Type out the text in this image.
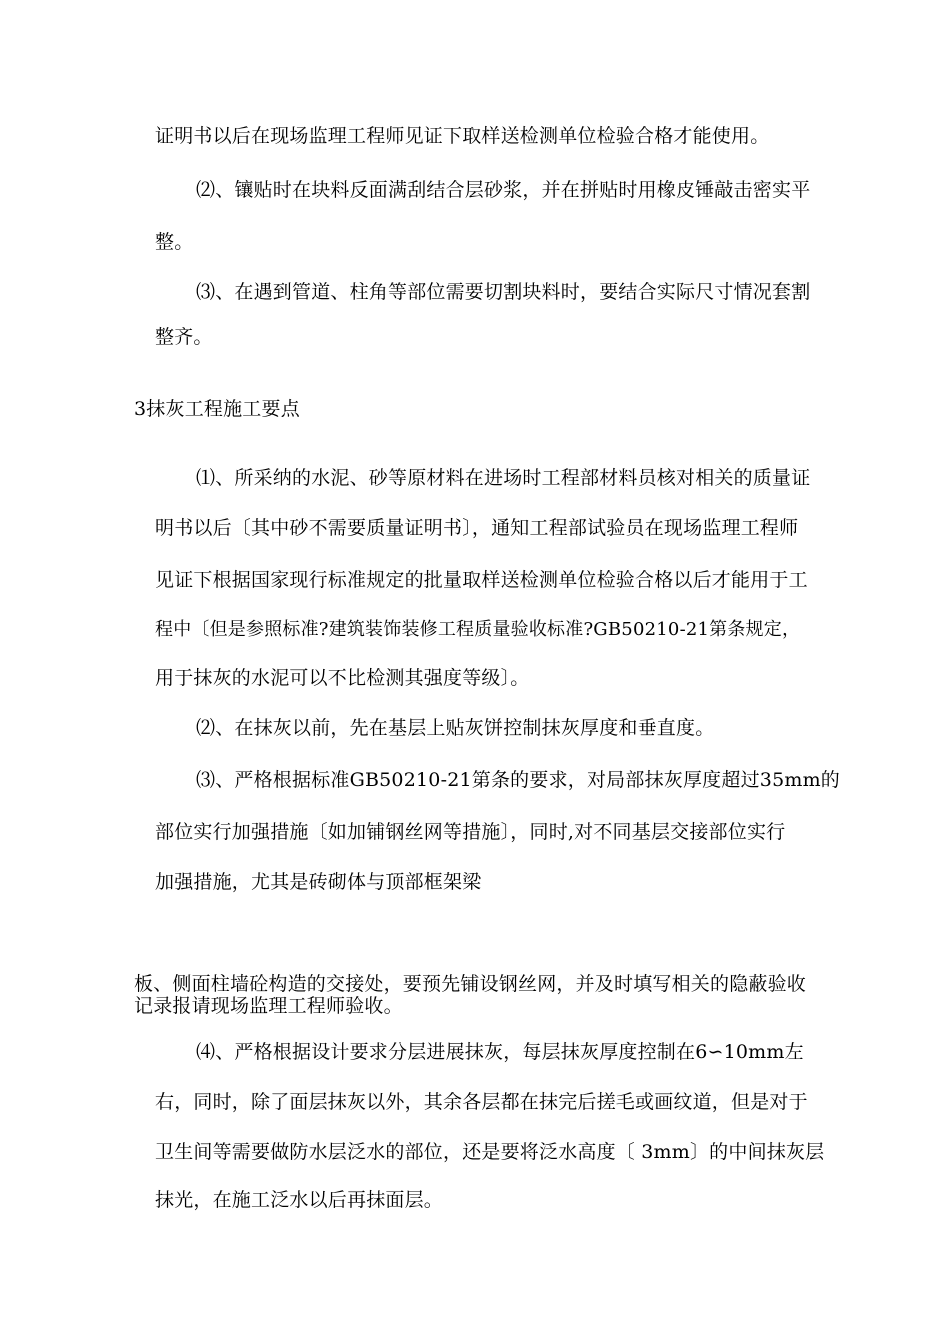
证明书以后在现场监理工程师见证下取样送检测单位检验合格才能使用。
⑵、镶贴时在块料反面满刮结合层砂浆，并在拼贴时用橡皮锤敲击密实平
整。
⑶、在遇到管道、柱角等部位需要切割块料时，要结合实际尺寸情况套割
整齐。
3抹灰工程施工要点
⑴、所采纳的水泥、砂等原材料在进场时工程部材料员核对相关的质量证
明书以后〔其中砂不需要质量证明书〕，通知工程部试验员在现场监理工程师
见证下根据国家现行标准规定的批量取样送检测单位检验合格以后才能用于工
程中〔但是参照标准?建筑装饰装修工程质量验收标准?GB50210-21第条规定，
用于抹灰的水泥可以不比检测其强度等级〕。
⑵、在抹灰以前，先在基层上贴灰饼控制抹灰厚度和垂直度。
⑶、严格根据标准GB50210-21第条的要求，对局部抹灰厚度超过35mm的
部位实行加强措施〔如加铺钢丝网等措施〕，同时,对不同基层交接部位实行
加强措施，尤其是砖砌体与顶部框架梁
板、侧面柱墙砼构造的交接处，要预先铺设钢丝网，并及时填写相关的隐蔽验收
记录报请现场监理工程师验收。
⑷、严格根据设计要求分层进展抹灰，每层抹灰厚度控制在6∽10mm左
右，同时，除了面层抹灰以外，其余各层都在抹完后搓毛或画纹道，但是对于
卫生间等需要做防水层泛水的部位，还是要将泛水高度〔 3mm〕的中间抹灰层
抹光，在施工泛水以后再抹面层。
